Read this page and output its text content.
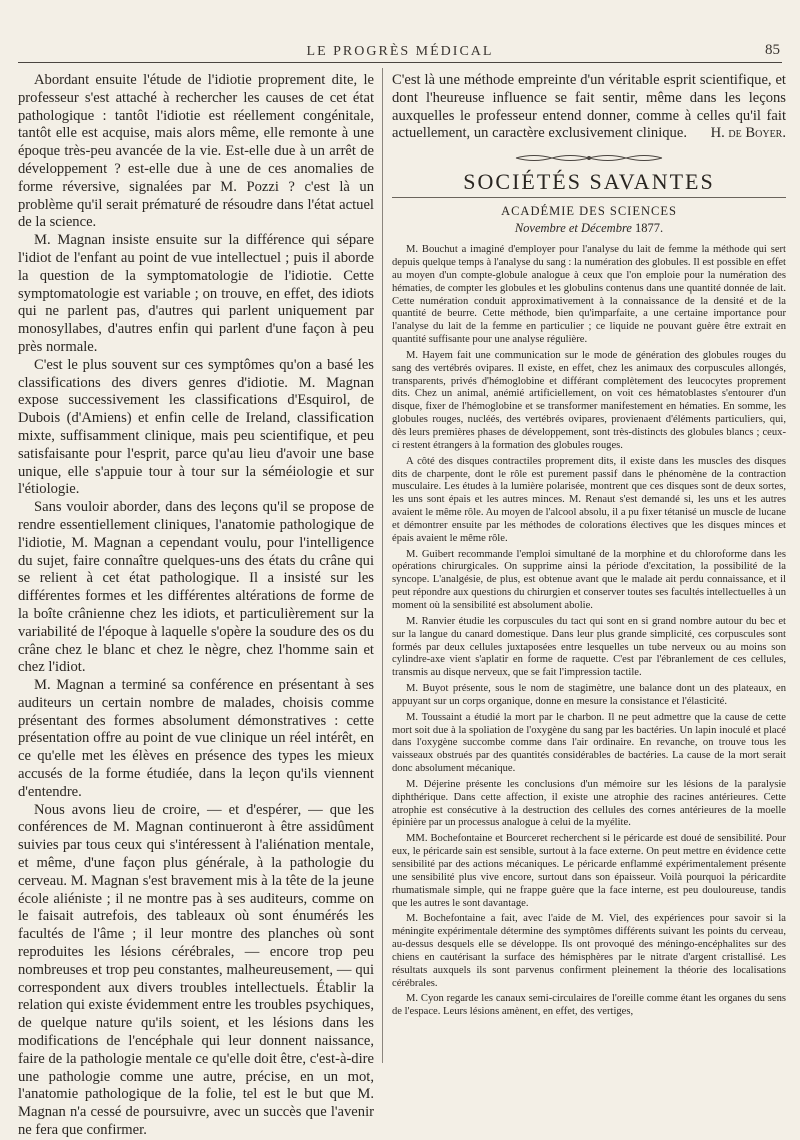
LE PROGRÈS MÉDICAL	85

Abordant ensuite l'étude de l'idiotie proprement dite, le professeur s'est attaché à rechercher les causes de cet état pathologique : tantôt l'idiotie est réellement congénitale, tantôt elle est acquise, mais alors même, elle remonte à une époque très-peu avancée de la vie. Est-elle due à un arrêt de développement ? est-elle due à une de ces anomalies de forme réversive, signalées par M. Pozzi ? c'est là un problème qu'il serait prématuré de résoudre dans l'état actuel de la science.

M. Magnan insiste ensuite sur la différence qui sépare l'idiot de l'enfant au point de vue intellectuel ; puis il aborde la question de la symptomatologie de l'idiotie. Cette symptomatologie est variable ; on trouve, en effet, des idiots qui ne parlent pas, d'autres qui parlent uniquement par monosyllabes, d'autres enfin qui parlent d'une façon à peu près normale.

C'est le plus souvent sur ces symptômes qu'on a basé les classifications des divers genres d'idiotie. M. Magnan expose successivement les classifications d'Esquirol, de Dubois (d'Amiens) et enfin celle de Ireland, classification mixte, suffisamment clinique, mais peu scientifique, et peu satisfaisante pour l'esprit, parce qu'au lieu d'avoir une base unique, elle s'appuie tour à tour sur la séméiologie et sur l'étiologie.

Sans vouloir aborder, dans des leçons qu'il se propose de rendre essentiellement cliniques, l'anatomie pathologique de l'idiotie, M. Magnan a cependant voulu, pour l'intelligence du sujet, faire connaître quelques-uns des états du crâne qui se relient à cet état pathologique. Il a insisté sur les différentes formes et les différentes altérations de forme de la boîte crânienne chez les idiots, et particulièrement sur la variabilité de l'époque à laquelle s'opère la soudure des os du crâne chez le blanc et chez le nègre, chez l'homme sain et chez l'idiot.

M. Magnan a terminé sa conférence en présentant à ses auditeurs un certain nombre de malades, choisis comme présentant des formes absolument démonstratives : cette présentation offre au point de vue clinique un réel intérêt, en ce qu'elle met les élèves en présence des types les mieux accusés de la forme étudiée, dans la leçon qu'ils viennent d'entendre.

Nous avons lieu de croire, — et d'espérer, — que les conférences de M. Magnan continueront à être assidûment suivies par tous ceux qui s'intéressent à l'aliénation mentale, et même, d'une façon plus générale, à la pathologie du cerveau. M. Magnan s'est bravement mis à la tête de la jeune école aliéniste ; il ne montre pas à ses auditeurs, comme on le faisait autrefois, des tableaux où sont énumérés les facultés de l'âme ; il leur montre des planches où sont reproduites les lésions cérébrales, — encore trop peu nombreuses et trop peu constantes, malheureusement, — qui correspondent aux divers troubles intellectuels. Établir la relation qui existe évidemment entre les troubles psychiques, de quelque nature qu'ils soient, et les lésions dans les modifications de l'encéphale qui leur donnent naissance, faire de la pathologie mentale ce qu'elle doit être, c'est-à-dire une pathologie comme une autre, précise, en un mot, l'anatomie pathologique de la folie, tel est le but que M. Magnan n'a cessé de poursuivre, avec un succès que l'avenir ne fera que confirmer.

C'est là une méthode empreinte d'un véritable esprit scientifique, et dont l'heureuse influence se fait sentir, même dans les leçons auxquelles le professeur entend donner, comme à celles qu'il fait actuellement, un caractère exclusivement clinique. H. de Boyer.

SOCIÉTÉS SAVANTES
ACADÉMIE DES SCIENCES
Novembre et Décembre 1877.

M. Bouchut a imaginé d'employer pour l'analyse du lait de femme la méthode qui sert depuis quelque temps à l'analyse du sang : la numération des globules. Il est possible en effet au moyen d'un compte-globule analogue à ceux que l'on emploie pour la numération des hématies, de compter les globules et les globulins contenus dans une quantité donnée de lait. Cette numération conduit approximativement à la connaissance de la densité et de la quantité de beurre. Cette méthode, bien qu'imparfaite, a une certaine importance pour l'analyse du lait de la femme en particulier ; ce liquide ne pouvant guère être extrait en quantité suffisante pour une analyse régulière.

M. Hayem fait une communication sur le mode de génération des globules rouges du sang des vertébrés ovipares. Il existe, en effet, chez les animaux des corpuscules allongés, transparents, privés d'hémoglobine et différant complètement des leucocytes proprement dits. Chez un animal, anémié artificiellement, on voit ces hématoblastes s'entourer d'un disque, fixer de l'hémoglobine et se transformer manifestement en hématies. En somme, les globules rouges, nucléés, des vertébrés ovipares, provienaent d'éléments particuliers, qui, dès leurs premières phases de développement, sont très-distincts des globules blancs ; ceux-ci restent étrangers à la formation des globules rouges.

A côté des disques contractiles proprement dits, il existe dans les muscles des disques dits de charpente, dont le rôle est purement passif dans le phénomène de la contraction musculaire. Les études à la lumière polarisée, montrent que ces disques sont de deux sortes, les uns sont épais et les autres minces. M. Renaut s'est demandé si, les uns et les autres avaient le même rôle. Au moyen de l'alcool absolu, il a pu fixer tétanisé un muscle de lucane et démontrer ensuite par les méthodes de colorations électives que les disques minces et épais avaient le même rôle.

M. Guibert recommande l'emploi simultané de la morphine et du chloroforme dans les opérations chirurgicales. On supprime ainsi la période d'excitation, la possibilité de la syncope. L'analgésie, de plus, est obtenue avant que le malade ait perdu connaissance, et il peut répondre aux questions du chirurgien et conserver toutes ses facultés intellectuelles à un moment où la sensibilité est absolument abolie.

M. Ranvier étudie les corpuscules du tact qui sont en si grand nombre autour du bec et sur la langue du canard domestique. Dans leur plus grande simplicité, ces corpuscules sont formés par deux cellules juxtaposées entre lesquelles un tube nerveux ou au moins son cylindre-axe vient s'aplatir en forme de raquette. C'est par l'ébranlement de ces cellules, transmis au disque nerveux, que se fait l'impression tactile.

M. Buyot présente, sous le nom de stagimètre, une balance dont un des plateaux, en appuyant sur un corps organique, donne en mesure la consistance et l'élasticité.

M. Toussaint a étudié la mort par le charbon. Il ne peut admettre que la cause de cette mort soit due à la spoliation de l'oxygène du sang par les bactéries. Un lapin inoculé et placé dans l'oxygène succombe comme dans l'air ordinaire. En revanche, on trouve tous les vaisseaux obstrués par des quantités considérables de bactéries. La cause de la mort serait donc absolument mécanique.

M. Déjerine présente les conclusions d'un mémoire sur les lésions de la paralysie diphthérique. Dans cette affection, il existe une atrophie des racines antérieures. Cette atrophie est consécutive à la destruction des cellules des cornes antérieures de la moelle épinière par un processus analogue à celui de la myélite.

MM. Bochefontaine et Bourceret recherchent si le péricarde est doué de sensibilité. Pour eux, le péricarde sain est sensible, surtout à la face externe. On peut mettre en évidence cette sensibilité par des actions mécaniques. Le péricarde enflammé expérimentalement présente une sensibilité plus vive encore, surtout dans son épaisseur. Voilà pourquoi la péricardite rhumatismale simple, qui ne frappe guère que la face interne, est peu douloureuse, tandis que les autres le sont davantage.

M. Bochefontaine a fait, avec l'aide de M. Viel, des expériences pour savoir si la méningite expérimentale détermine des symptômes différents suivant les points du cerveau, au-dessus desquels elle se développe. Ils ont provoqué des méningo-encéphalites sur des chiens en cautérisant la surface des hémisphères par le nitrate d'argent cristallisé. Les résultats auxquels ils sont parvenus confirment pleinement la théorie des localisations cérébrales.

M. Cyon regarde les canaux semi-circulaires de l'oreille comme étant les organes du sens de l'espace. Leurs lésions amènent, en effet, des vertiges,
